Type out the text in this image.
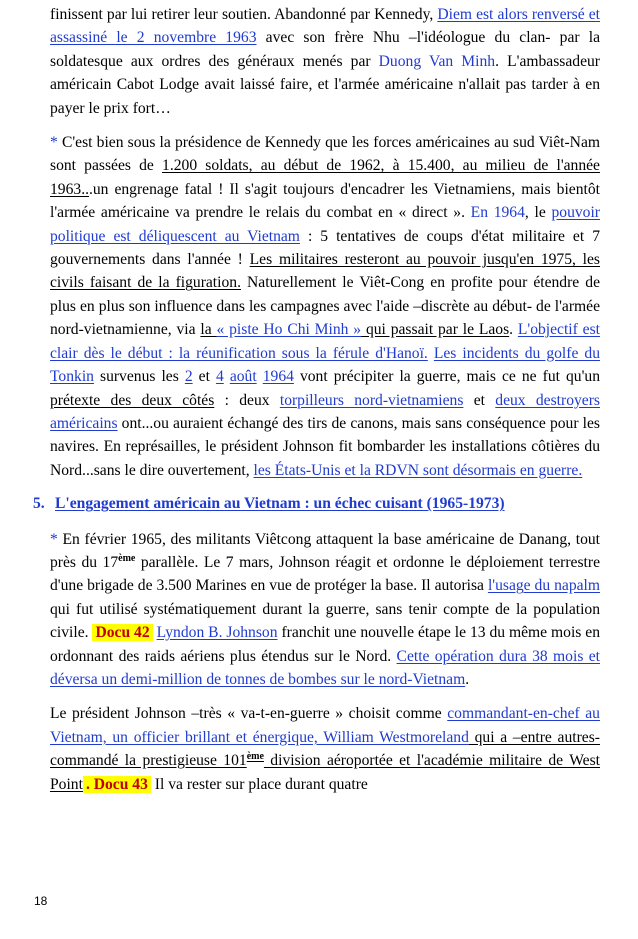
finissent par lui retirer leur soutien. Abandonné par Kennedy, Diem est alors renversé et assassiné le 2 novembre 1963 avec son frère Nhu –l'idéologue du clan- par la soldatesque aux ordres des généraux menés par Duong Van Minh. L'ambassadeur américain Cabot Lodge avait laissé faire, et l'armée américaine n'allait pas tarder à en payer le prix fort…

* C'est bien sous la présidence de Kennedy que les forces américaines au sud Viêt-Nam sont passées de 1.200 soldats, au début de 1962, à 15.400, au milieu de l'année 1963...un engrenage fatal ! Il s'agit toujours d'encadrer les Vietnamiens, mais bientôt l'armée américaine va prendre le relais du combat en « direct ». En 1964, le pouvoir politique est déliquescent au Vietnam : 5 tentatives de coups d'état militaire et 7 gouvernements dans l'année ! Les militaires resteront au pouvoir jusqu'en 1975, les civils faisant de la figuration. Naturellement le Viêt-Cong en profite pour étendre de plus en plus son influence dans les campagnes avec l'aide –discrète au début- de l'armée nord-vietnamienne, via la « piste Ho Chi Minh » qui passait par le Laos. L'objectif est clair dès le début : la réunification sous la férule d'Hanoï. Les incidents du golfe du Tonkin survenus les 2 et 4 août 1964 vont précipiter la guerre, mais ce ne fut qu'un prétexte des deux côtés : deux torpilleurs nord-vietnamiens et deux destroyers américains ont...ou auraient échangé des tirs de canons, mais sans conséquence pour les navires. En représailles, le président Johnson fit bombarder les installations côtières du Nord...sans le dire ouvertement, les États-Unis et la RDVN sont désormais en guerre.

5. L'engagement américain au Vietnam : un échec cuisant (1965-1973)

* En février 1965, des militants Viêtcong attaquent la base américaine de Danang, tout près du 17ème parallèle. Le 7 mars, Johnson réagit et ordonne le déploiement terrestre d'une brigade de 3.500 Marines en vue de protéger la base. Il autorisa l'usage du napalm qui fut utilisé systématiquement durant la guerre, sans tenir compte de la population civile. Docu 42 Lyndon B. Johnson franchit une nouvelle étape le 13 du même mois en ordonnant des raids aériens plus étendus sur le Nord. Cette opération dura 38 mois et déversa un demi-million de tonnes de bombes sur le nord-Vietnam.

Le président Johnson –très « va-t-en-guerre » choisit comme commandant-en-chef au Vietnam, un officier brillant et énergique, William Westmoreland qui a –entre autres- commandé la prestigieuse 101ème division aéroportée et l'académie militaire de West Point . Docu 43 Il va rester sur place durant quatre

18
